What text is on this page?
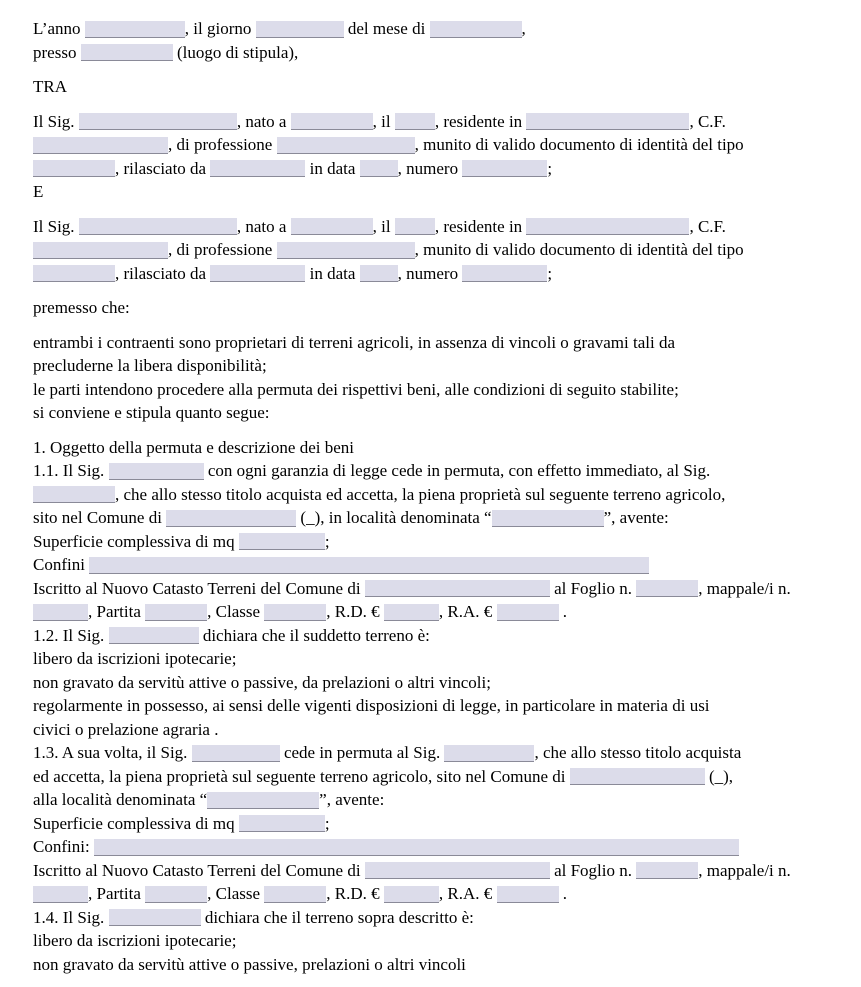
L’anno	, il giorno	del mese di	,
presso	(luogo di stipula),
TRA
Il Sig.	, nato a	, il , residente in	, C.F.
, di professione	, munito di valido documento di identità del tipo
, rilasciato da	in data , numero	;
E
Il Sig.	, nato a	, il , residente in	, C.F.
, di professione	, munito di valido documento di identità del tipo
, rilasciato da	in data , numero	;
premesso che:
entrambi i contraenti sono proprietari di terreni agricoli, in assenza di vincoli o gravami tali da
precluderne la libera disponibilità;
le parti intendono procedere alla permuta dei rispettivi beni, alle condizioni di seguito stabilite;
si conviene e stipula quanto segue:
1. Oggetto della permuta e descrizione dei beni
1.1. Il Sig.	con ogni garanzia di legge cede in permuta, con effetto immediato, al Sig.
, che allo stesso titolo acquista ed accetta, la piena proprietà sul seguente terreno agricolo,
sito nel Comune di	(_), in località denominata “	”, avente:
Superficie complessiva di mq	;
Confini
Iscritto al Nuovo Catasto Terreni del Comune di	al Foglio n.	, mappale/i n.
, Partita	, Classe	, R.D. €	, R.A. €	.
1.2. Il Sig.	dichiara che il suddetto terreno è:
libero da iscrizioni ipotecarie;
non gravato da servitù attive o passive, da prelazioni o altri vincoli;
regolarmente in possesso, ai sensi delle vigenti disposizioni di legge, in particolare in materia di usi
civici o prelazione agraria .
1.3. A sua volta, il Sig.	cede in permuta al Sig.	, che allo stesso titolo acquista
ed accetta, la piena proprietà sul seguente terreno agricolo, sito nel Comune di	(_),
alla località denominata “	”, avente:
Superficie complessiva di mq	;
Confini:
Iscritto al Nuovo Catasto Terreni del Comune di	al Foglio n.	, mappale/i n.
, Partita	, Classe	, R.D. €	, R.A. €	.
1.4. Il Sig.	dichiara che il terreno sopra descritto è:
libero da iscrizioni ipotecarie;
non gravato da servitù attive o passive, prelazioni o altri vincoli
